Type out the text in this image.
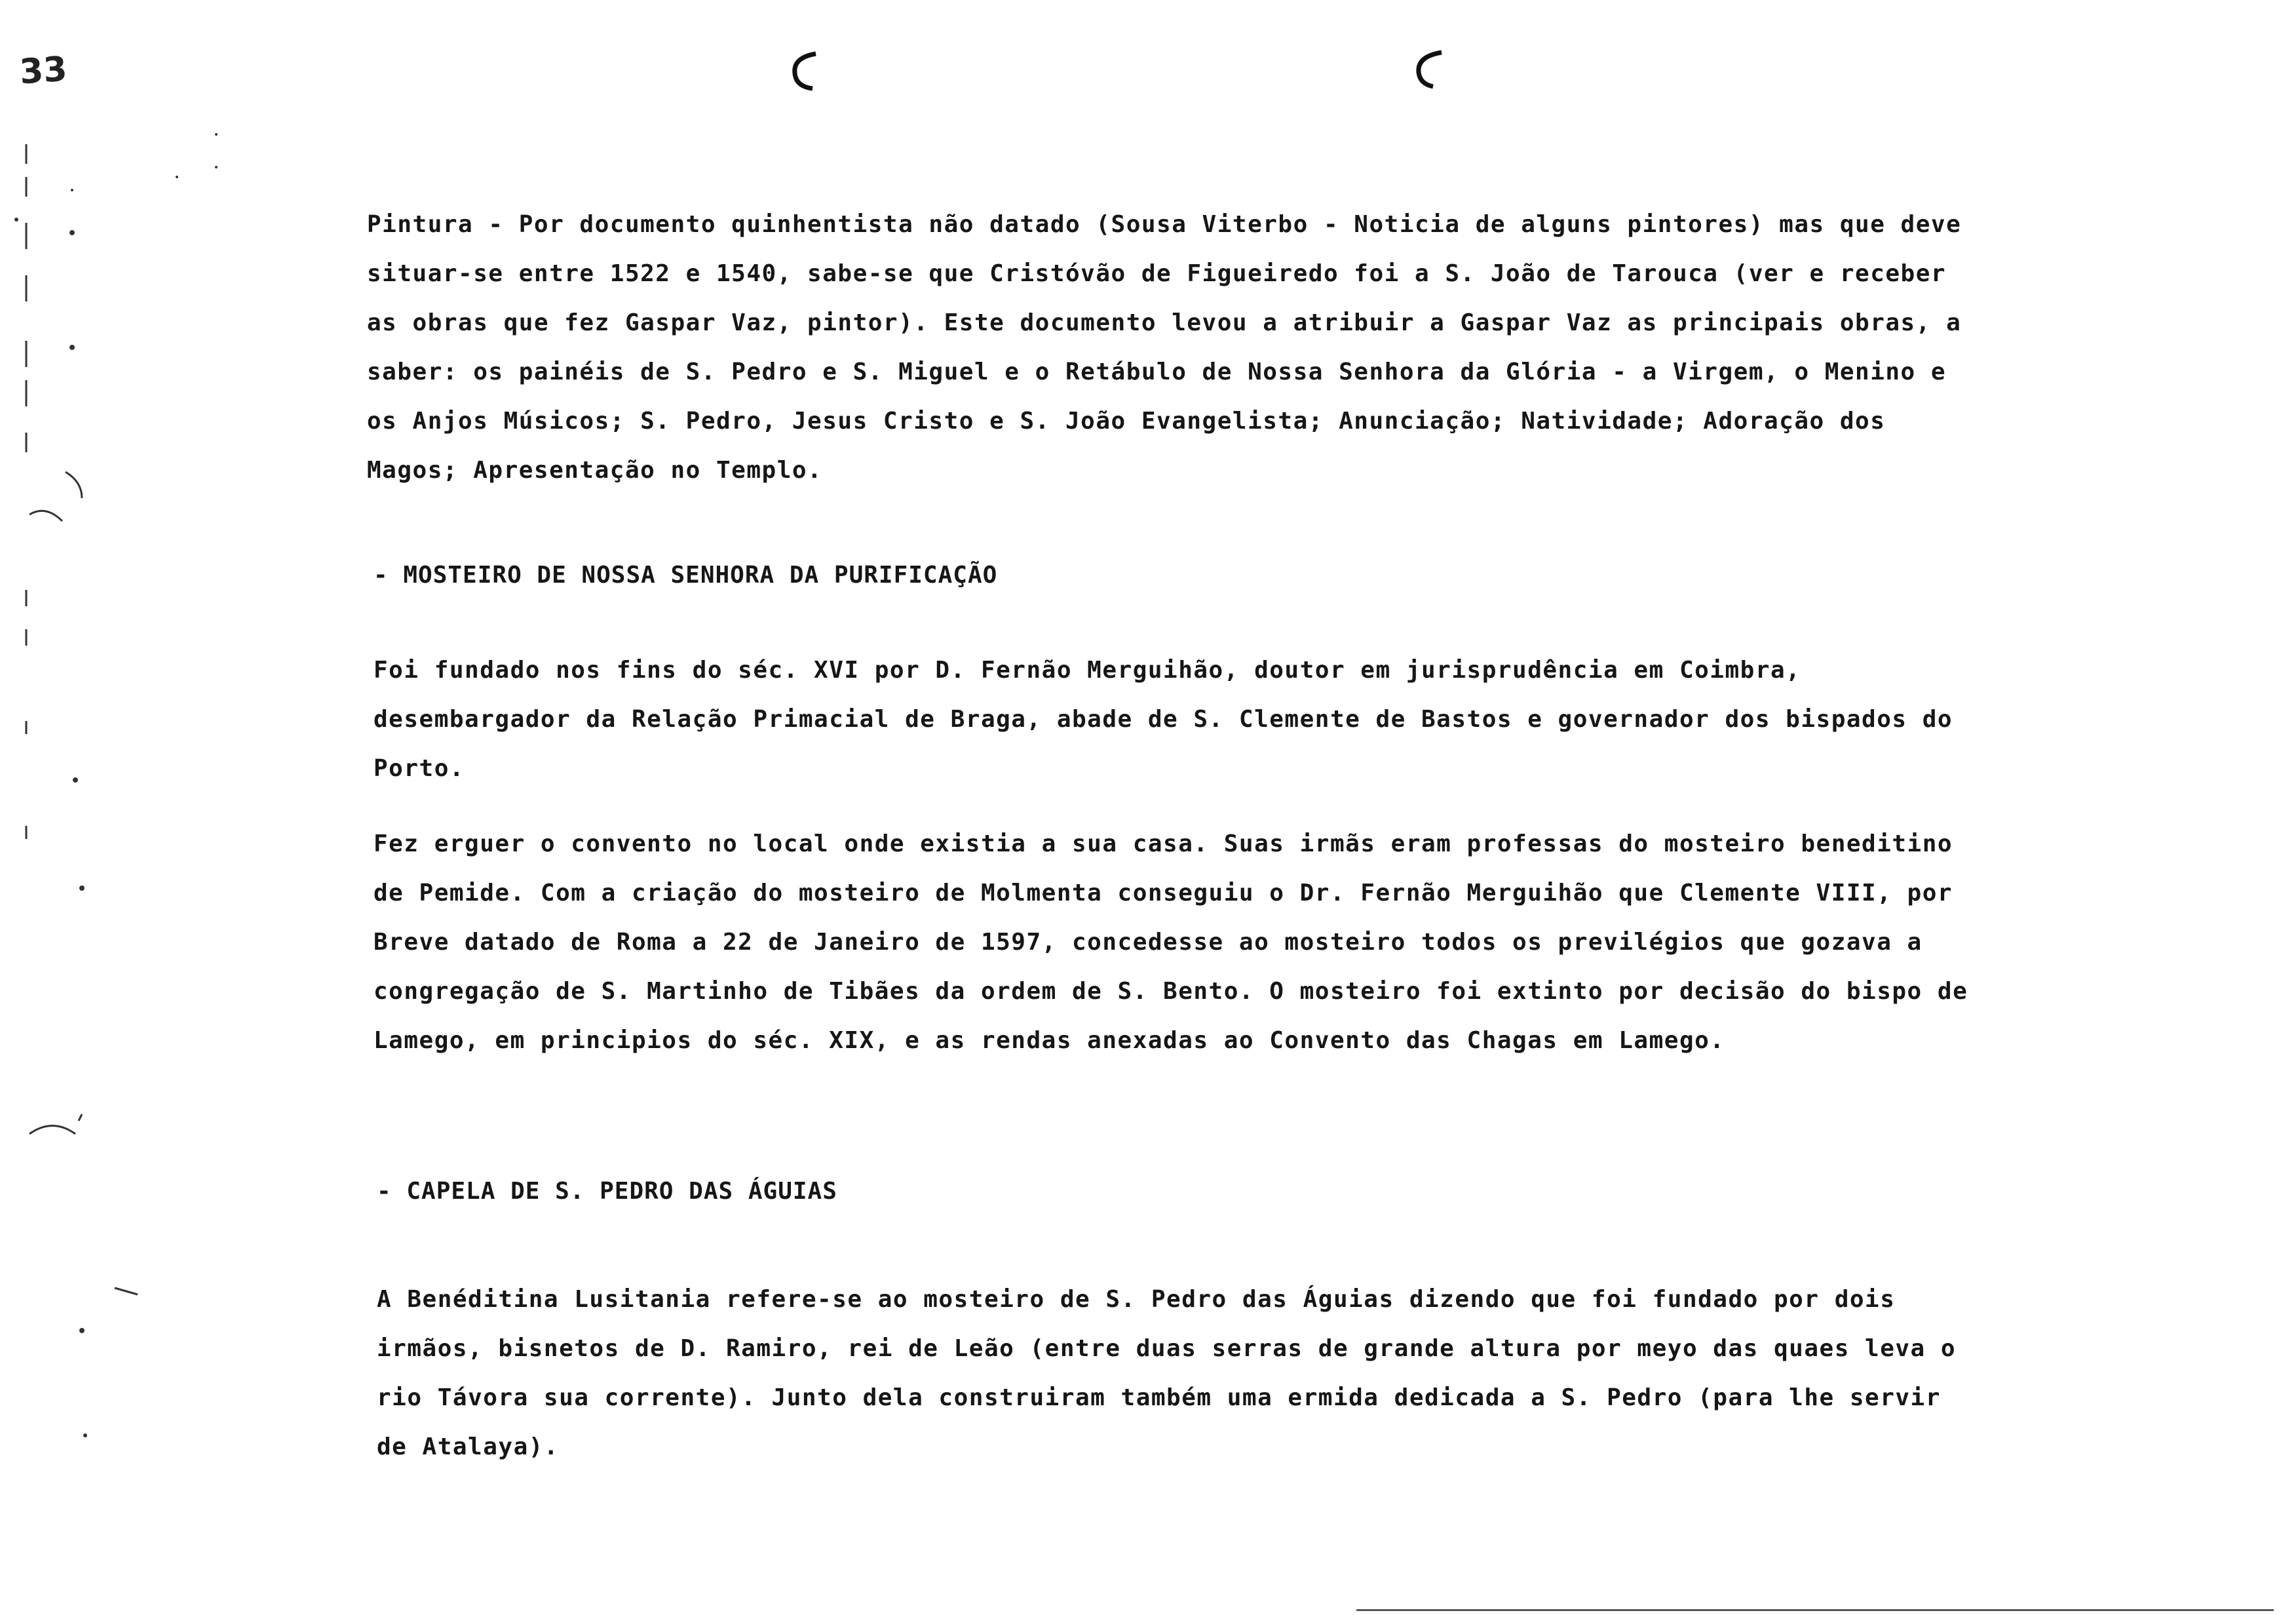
33

Pintura - Por documento quinhentista não datado (Sousa Viterbo - Noticia de alguns pintores) mas que deve situar-se entre 1522 e 1540, sabe-se que Cristóvão de Figueiredo foi a S. João de Tarouca (ver e receber as obras que fez Gaspar Vaz, pintor). Este documento levou a atribuir a Gaspar Vaz as principais obras, a saber: os painéis de S. Pedro e S. Miguel e o Retábulo de Nossa Senhora da Glória - a Virgem, o Menino e os Anjos Músicos; S. Pedro, Jesus Cristo e S. João Evangelista; Anunciação; Natividade; Adoração dos Magos; Apresentação no Templo.

- MOSTEIRO DE NOSSA SENHORA DA PURIFICAÇÃO

Foi fundado nos fins do séc. XVI por D. Fernão Merguihão, doutor em jurisprudência em Coimbra, desembargador da Relação Primacial de Braga, abade de S. Clemente de Bastos e governador dos bispados do Porto.

Fez erguer o convento no local onde existia a sua casa. Suas irmãs eram professas do mosteiro beneditino de Pemide. Com a criação do mosteiro de Molmenta conseguiu o Dr. Fernão Merguihão que Clemente VIII, por Breve datado de Roma a 22 de Janeiro de 1597, concedesse ao mosteiro todos os previlégios que gozava a congregação de S. Martinho de Tibães da ordem de S. Bento. O mosteiro foi extinto por decisão do bispo de Lamego, em principios do séc. XIX, e as rendas anexadas ao Convento das Chagas em Lamego.

- CAPELA DE S. PEDRO DAS ÁGUIAS

A Benéditina Lusitania refere-se ao mosteiro de S. Pedro das Águias dizendo que foi fundado por dois irmãos, bisnetos de D. Ramiro, rei de Leão (entre duas serras de grande altura por meyo das quaes leva o rio Távora sua corrente). Junto dela construiram também uma ermida dedicada a S. Pedro (para lhe servir de Atalaya).
